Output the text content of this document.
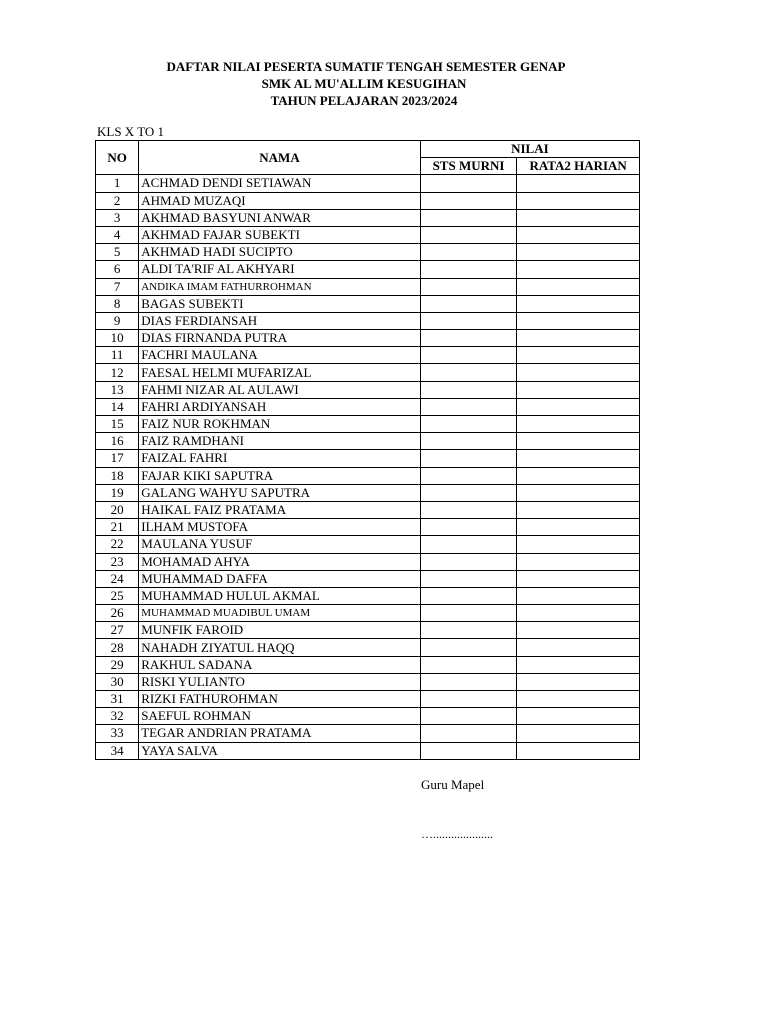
DAFTAR NILAI PESERTA SUMATIF TENGAH SEMESTER GENAP
SMK AL MU'ALLIM KESUGIHAN
TAHUN PELAJARAN 2023/2024
KLS X TO 1
NO	NAMA	NILAI	
		STS MURNI	RATA2 HARIAN
1	ACHMAD DENDI SETIAWAN		
2	AHMAD MUZAQI		
3	AKHMAD BASYUNI ANWAR		
4	AKHMAD FAJAR SUBEKTI		
5	AKHMAD HADI SUCIPTO		
6	ALDI TA'RIF AL AKHYARI		
7	ANDIKA IMAM FATHURROHMAN		
8	BAGAS SUBEKTI		
9	DIAS FERDIANSAH		
10	DIAS FIRNANDA PUTRA		
11	FACHRI MAULANA		
12	FAESAL HELMI MUFARIZAL		
13	FAHMI NIZAR AL AULAWI		
14	FAHRI ARDIYANSAH		
15	FAIZ NUR ROKHMAN		
16	FAIZ RAMDHANI		
17	FAIZAL FAHRI		
18	FAJAR KIKI SAPUTRA		
19	GALANG WAHYU SAPUTRA		
20	HAIKAL FAIZ PRATAMA		
21	ILHAM MUSTOFA		
22	MAULANA YUSUF		
23	MOHAMAD AHYA		
24	MUHAMMAD DAFFA		
25	MUHAMMAD HULUL AKMAL		
26	MUHAMMAD MUADIBUL UMAM		
27	MUNFIK FAROID		
28	NAHADH ZIYATUL HAQQ		
29	RAKHUL SADANA		
30	RISKI YULIANTO		
31	RIZKI FATHUROHMAN		
32	SAEFUL ROHMAN		
33	TEGAR ANDRIAN PRATAMA		
34	YAYA SALVA		
Guru Mapel
…....................
